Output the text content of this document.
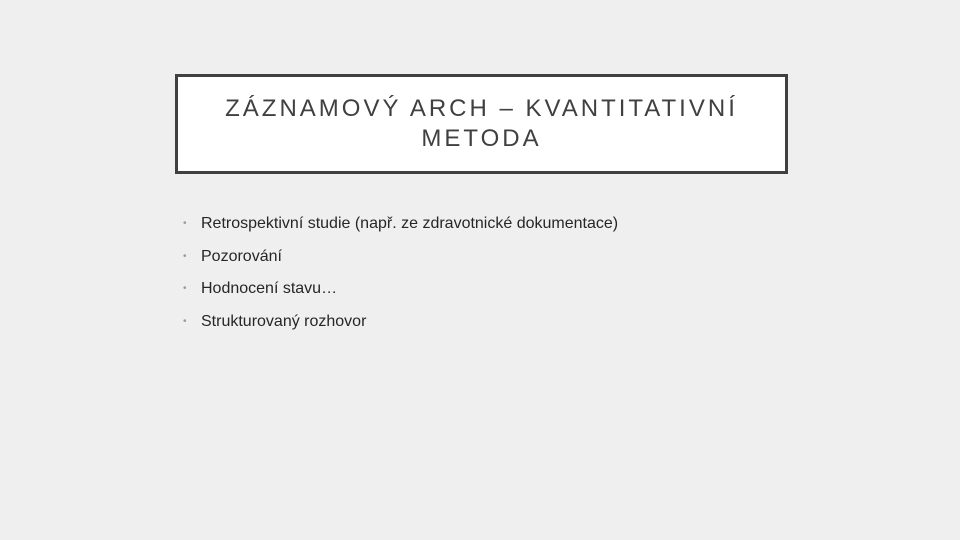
ZÁZNAMOVÝ ARCH – KVANTITATIVNÍ
METODA
• Retrospektivní studie (např. ze zdravotnické dokumentace)
• Pozorování
• Hodnocení stavu…
• Strukturovaný rozhovor
